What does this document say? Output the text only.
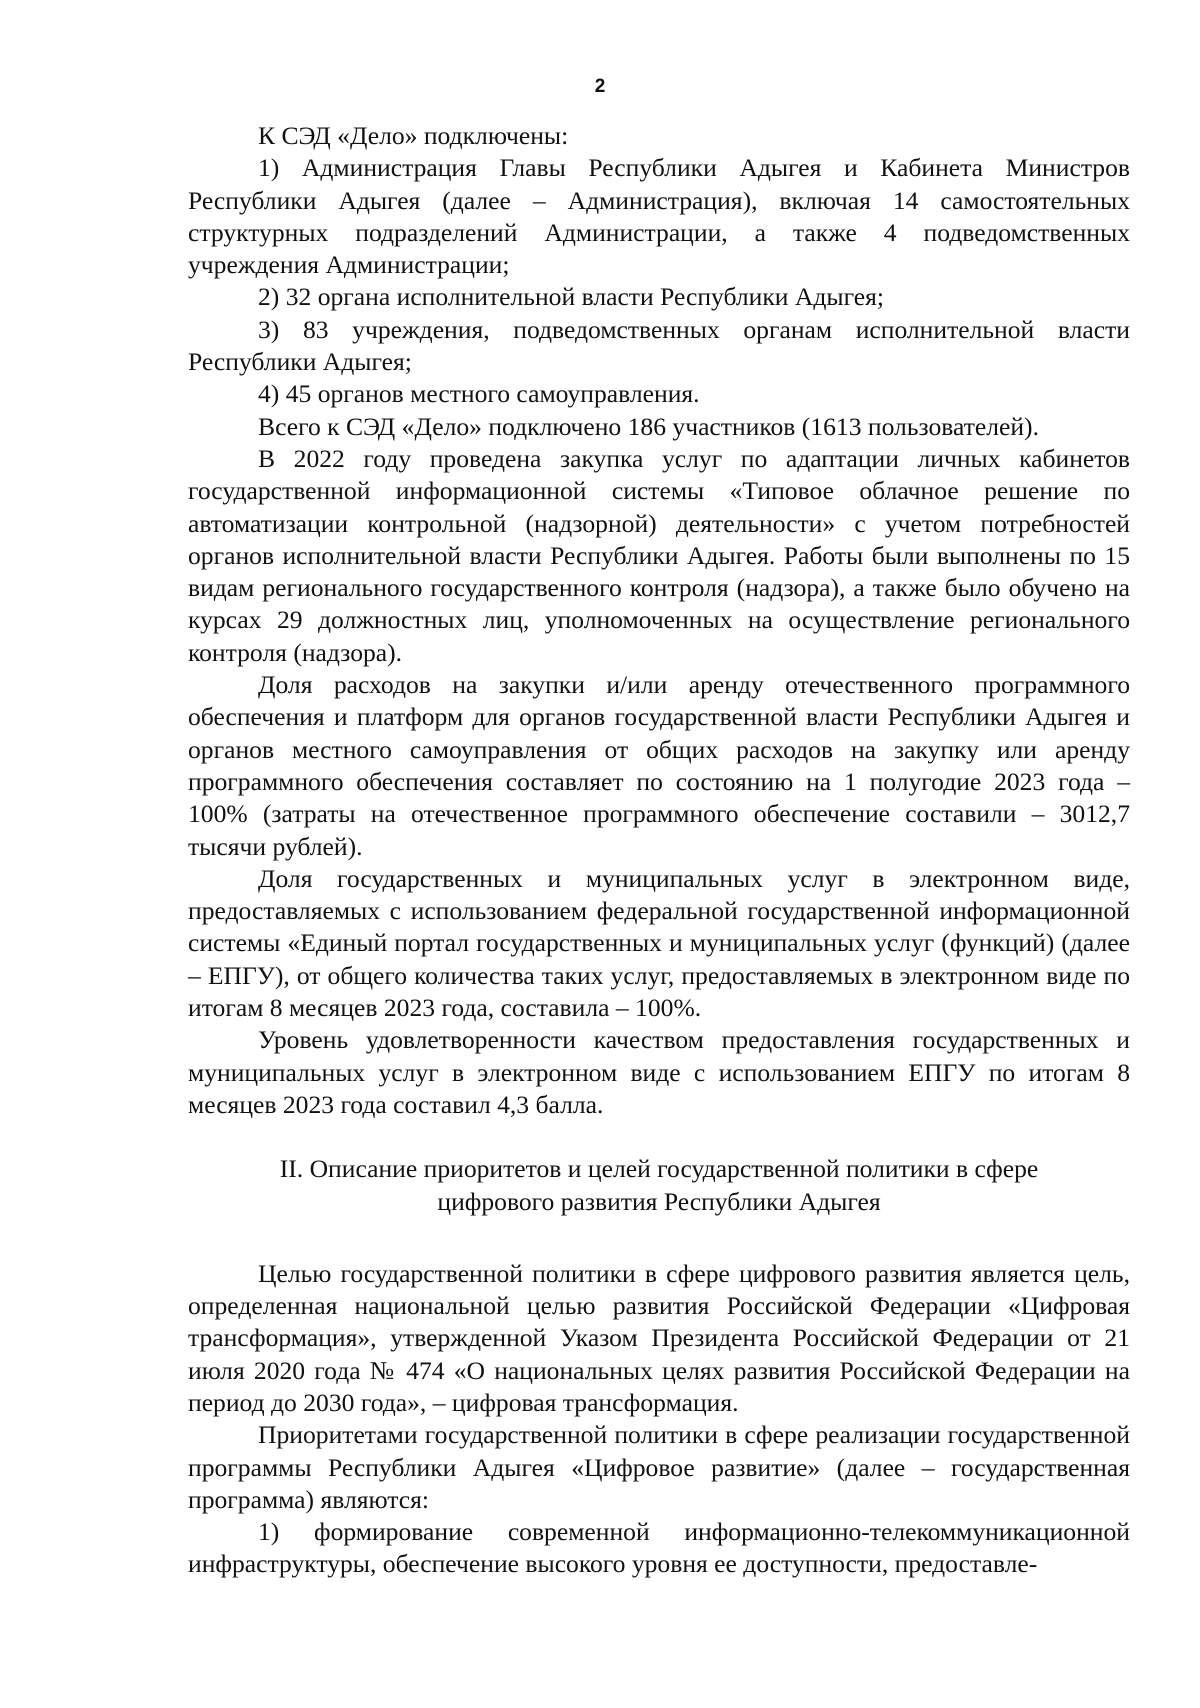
2

К СЭД «Дело» подключены:

1) Администрация Главы Республики Адыгея и Кабинета Министров Республики Адыгея (далее – Администрация), включая 14 самостоятельных структурных подразделений Администрации, а также 4 подведомственных учреждения Администрации;

2) 32 органа исполнительной власти Республики Адыгея;

3) 83 учреждения, подведомственных органам исполнительной власти Республики Адыгея;

4) 45 органов местного самоуправления.

Всего к СЭД «Дело» подключено 186 участников (1613 пользователей).

В 2022 году проведена закупка услуг по адаптации личных кабинетов государственной информационной системы «Типовое облачное решение по автоматизации контрольной (надзорной) деятельности» с учетом потребностей органов исполнительной власти Республики Адыгея. Работы были выполнены по 15 видам регионального государственного контроля (надзора), а также было обучено на курсах 29 должностных лиц, уполномоченных на осуществление регионального контроля (надзора).

Доля расходов на закупки и/или аренду отечественного программного обеспечения и платформ для органов государственной власти Республики Адыгея и органов местного самоуправления от общих расходов на закупку или аренду программного обеспечения составляет по состоянию на 1 полугодие 2023 года – 100% (затраты на отечественное программного обеспечение составили – 3012,7 тысячи рублей).

Доля государственных и муниципальных услуг в электронном виде, предоставляемых с использованием федеральной государственной информационной системы «Единый портал государственных и муниципальных услуг (функций) (далее – ЕПГУ), от общего количества таких услуг, предоставляемых в электронном виде по итогам 8 месяцев 2023 года, составила – 100%.

Уровень удовлетворенности качеством предоставления государственных и муниципальных услуг в электронном виде с использованием ЕПГУ по итогам 8 месяцев 2023 года составил 4,3 балла.

II. Описание приоритетов и целей государственной политики в сфере
цифрового развития Республики Адыгея

Целью государственной политики в сфере цифрового развития является цель, определенная национальной целью развития Российской Федерации «Цифровая трансформация», утвержденной Указом Президента Российской Федерации от 21 июля 2020 года № 474 «О национальных целях развития Российской Федерации на период до 2030 года», – цифровая трансформация.

Приоритетами государственной политики в сфере реализации государственной программы Республики Адыгея «Цифровое развитие» (далее – государственная программа) являются:

1) формирование современной информационно-телекоммуникационной инфраструктуры, обеспечение высокого уровня ее доступности, предоставле-
